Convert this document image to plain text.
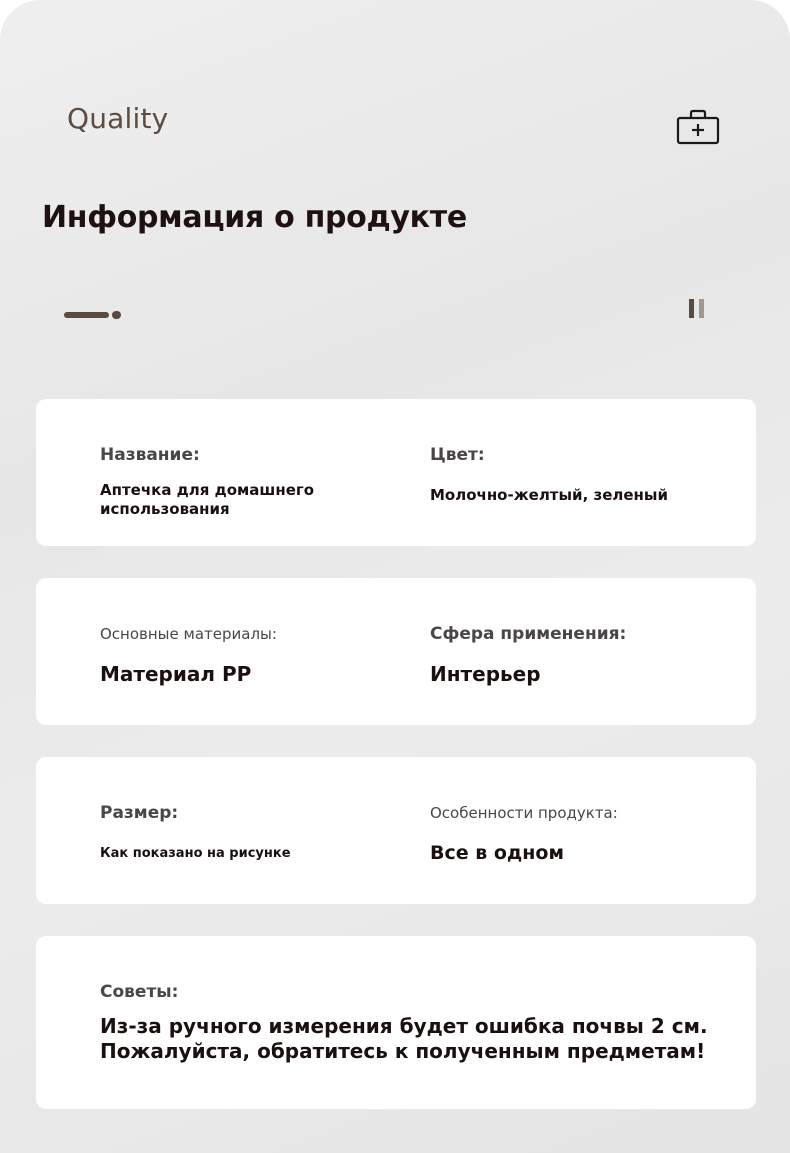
Quality
Информация о продукте
Название:
Аптечка для домашнего использования
Цвет:
Молочно-желтый, зеленый
Основные материалы:
Материал PP
Сфера применения:
Интерьер
Размер:
Как показано на рисунке
Особенности продукта:
Все в одном
Советы:
Из-за ручного измерения будет ошибка почвы 2 см.
Пожалуйста, обратитесь к полученным предметам!
